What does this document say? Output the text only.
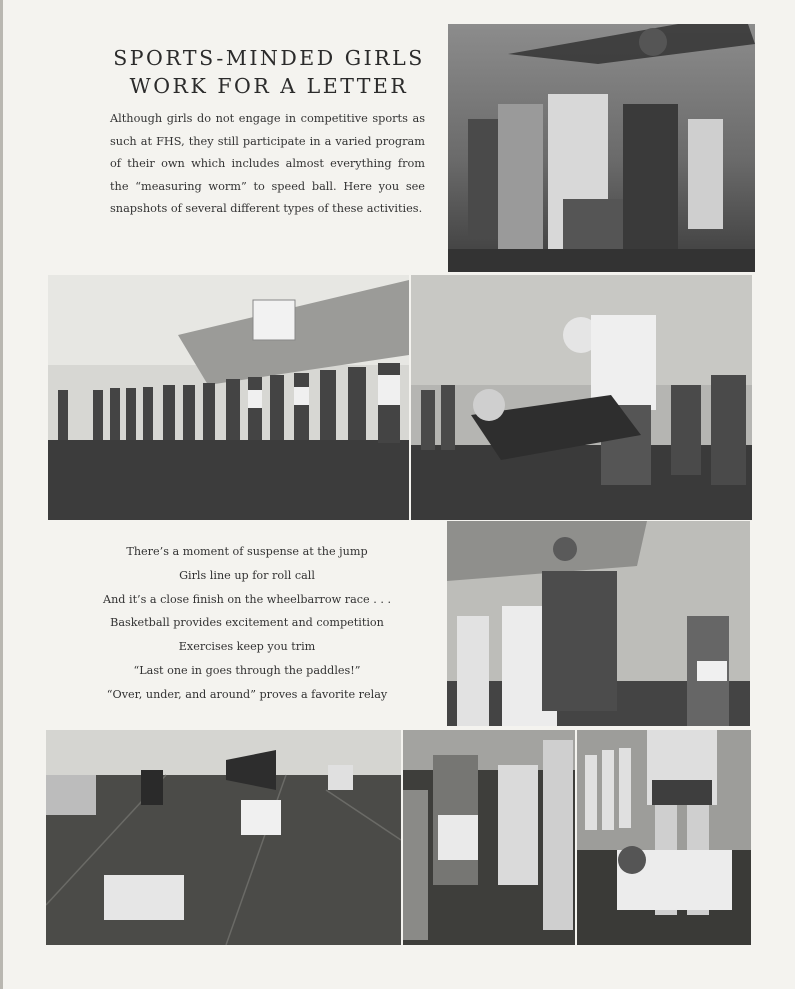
SPORTS-MINDED GIRLS
WORK FOR A LETTER
Although girls do not engage in competitive sports as such at FHS, they still participate in a varied program of their own which includes almost everything from the “measuring worm” to speed ball. Here you see snapshots of several different types of these activities.
There’s a moment of suspense at the jump
Girls line up for roll call
And it’s a close finish on the wheelbarrow race . . .
Basketball provides excitement and competition
Exercises keep you trim
“Last one in goes through the paddles!”
“Over, under, and around” proves a favorite relay
